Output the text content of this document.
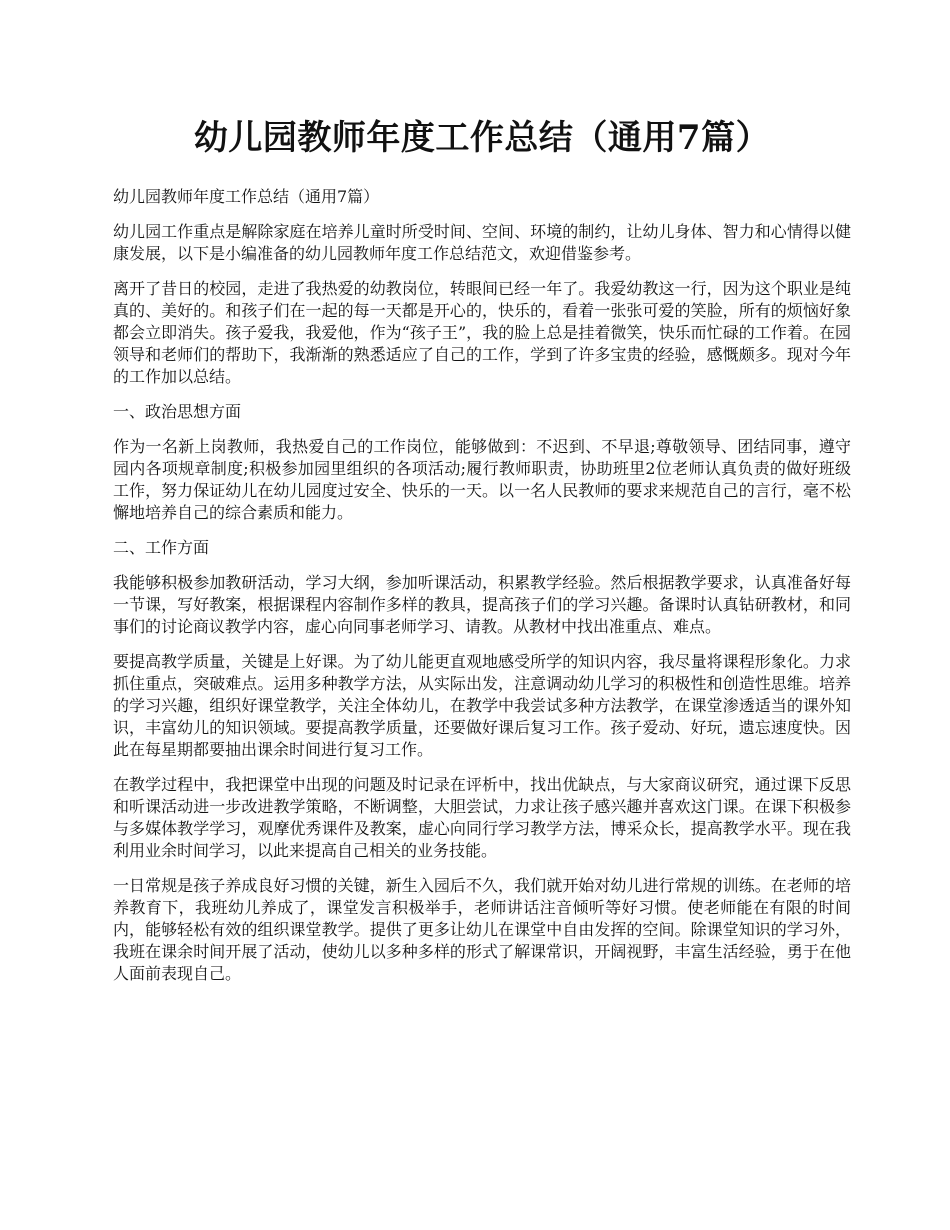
幼儿园教师年度工作总结（通用7篇）

幼儿园教师年度工作总结（通用7篇）

幼儿园工作重点是解除家庭在培养儿童时所受时间、空间、环境的制约，让幼儿身体、智力和心情得以健康发展，以下是小编准备的幼儿园教师年度工作总结范文，欢迎借鉴参考。

离开了昔日的校园，走进了我热爱的幼教岗位，转眼间已经一年了。我爱幼教这一行，因为这个职业是纯真的、美好的。和孩子们在一起的每一天都是开心的，快乐的，看着一张张可爱的笑脸，所有的烦恼好象都会立即消失。孩子爱我，我爱他，作为“孩子王”，我的脸上总是挂着微笑，快乐而忙碌的工作着。在园领导和老师们的帮助下，我渐渐的熟悉适应了自己的工作，学到了许多宝贵的经验，感慨颇多。现对今年的工作加以总结。

一、政治思想方面

作为一名新上岗教师，我热爱自己的工作岗位，能够做到：不迟到、不早退;尊敬领导、团结同事，遵守园内各项规章制度;积极参加园里组织的各项活动;履行教师职责，协助班里2位老师认真负责的做好班级工作，努力保证幼儿在幼儿园度过安全、快乐的一天。以一名人民教师的要求来规范自己的言行，毫不松懈地培养自己的综合素质和能力。

二、工作方面

我能够积极参加教研活动，学习大纲，参加听课活动，积累教学经验。然后根据教学要求，认真准备好每一节课，写好教案，根据课程内容制作多样的教具，提高孩子们的学习兴趣。备课时认真钻研教材，和同事们的讨论商议教学内容，虚心向同事老师学习、请教。从教材中找出准重点、难点。

要提高教学质量，关键是上好课。为了幼儿能更直观地感受所学的知识内容，我尽量将课程形象化。力求抓住重点，突破难点。运用多种教学方法，从实际出发，注意调动幼儿学习的积极性和创造性思维。培养的学习兴趣，组织好课堂教学，关注全体幼儿，在教学中我尝试多种方法教学，在课堂渗透适当的课外知识，丰富幼儿的知识领域。要提高教学质量，还要做好课后复习工作。孩子爱动、好玩，遗忘速度快。因此在每星期都要抽出课余时间进行复习工作。

在教学过程中，我把课堂中出现的问题及时记录在评析中，找出优缺点，与大家商议研究，通过课下反思和听课活动进一步改进教学策略，不断调整，大胆尝试，力求让孩子感兴趣并喜欢这门课。在课下积极参与多媒体教学学习，观摩优秀课件及教案，虚心向同行学习教学方法，博采众长，提高教学水平。现在我利用业余时间学习，以此来提高自己相关的业务技能。

一日常规是孩子养成良好习惯的关键，新生入园后不久，我们就开始对幼儿进行常规的训练。在老师的培养教育下，我班幼儿养成了，课堂发言积极举手，老师讲话注音倾听等好习惯。使老师能在有限的时间内，能够轻松有效的组织课堂教学。提供了更多让幼儿在课堂中自由发挥的空间。除课堂知识的学习外，我班在课余时间开展了活动，使幼儿以多种多样的形式了解课常识，开阔视野，丰富生活经验，勇于在他人面前表现自己。
